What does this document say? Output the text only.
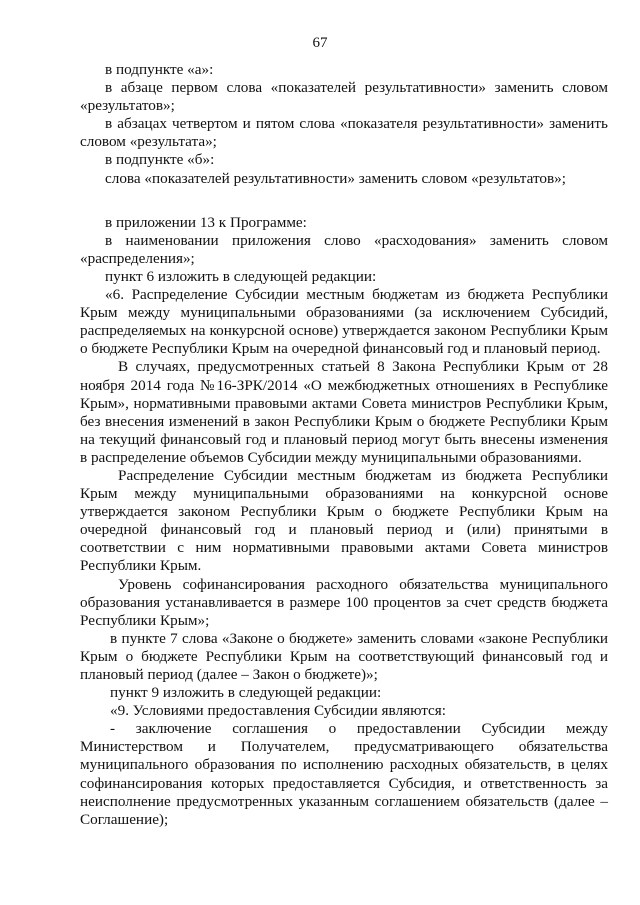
67

в подпункте «а»:

в абзаце первом слова «показателей результативности» заменить словом «результатов»;

в абзацах четвертом и пятом слова «показателя результативности» заменить словом «результата»;

в подпункте «б»:

слова «показателей результативности» заменить словом «результатов»;

в приложении 13 к Программе:

в наименовании приложения слово «расходования» заменить словом «распределения»;

пункт 6 изложить в следующей редакции:

«6. Распределение Субсидии местным бюджетам из бюджета Республики Крым между муниципальными образованиями (за исключением Субсидий, распределяемых на конкурсной основе) утверждается законом Республики Крым о бюджете Республики Крым на очередной финансовый год и плановый период.

В случаях, предусмотренных статьей 8 Закона Республики Крым от 28 ноября 2014 года №16-ЗРК/2014 «О межбюджетных отношениях в Республике Крым», нормативными правовыми актами Совета министров Республики Крым, без внесения изменений в закон Республики Крым о бюджете Республики Крым на текущий финансовый год и плановый период могут быть внесены изменения в распределение объемов Субсидии между муниципальными образованиями.

Распределение Субсидии местным бюджетам из бюджета Республики Крым между муниципальными образованиями на конкурсной основе утверждается законом Республики Крым о бюджете Республики Крым на очередной финансовый год и плановый период и (или) принятыми в соответствии с ним нормативными правовыми актами Совета министров Республики Крым.

Уровень софинансирования расходного обязательства муниципального образования устанавливается в размере 100 процентов за счет средств бюджета Республики Крым»;

в пункте 7 слова «Законе о бюджете» заменить словами «законе Республики Крым о бюджете Республики Крым на соответствующий финансовый год и плановый период (далее – Закон о бюджете)»;

пункт 9 изложить в следующей редакции:

«9. Условиями предоставления Субсидии являются:

- заключение соглашения о предоставлении Субсидии между Министерством и Получателем, предусматривающего обязательства муниципального образования по исполнению расходных обязательств, в целях софинансирования которых предоставляется Субсидия, и ответственность за неисполнение предусмотренных указанным соглашением обязательств (далее – Соглашение);
